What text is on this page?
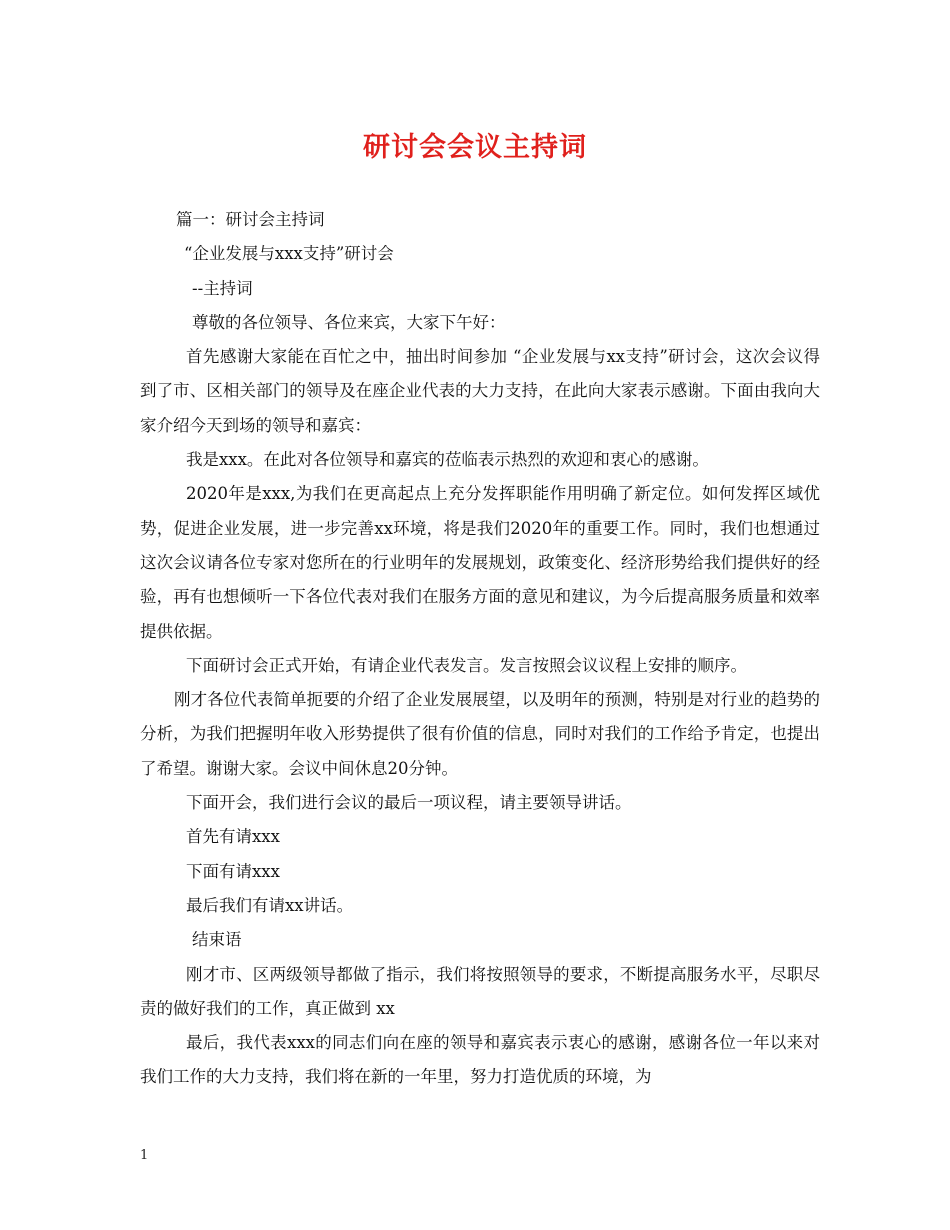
研讨会会议主持词

篇一：研讨会主持词

“企业发展与xxx支持”研讨会

--主持词

尊敬的各位领导、各位来宾，大家下午好：

首先感谢大家能在百忙之中，抽出时间参加 “企业发展与xx支持”研讨会，这次会议得到了市、区相关部门的领导及在座企业代表的大力支持，在此向大家表示感谢。下面由我向大家介绍今天到场的领导和嘉宾：

我是xxx。在此对各位领导和嘉宾的莅临表示热烈的欢迎和衷心的感谢。

2020年是xxx,为我们在更高起点上充分发挥职能作用明确了新定位。如何发挥区域优势，促进企业发展，进一步完善xx环境，将是我们2020年的重要工作。同时，我们也想通过这次会议请各位专家对您所在的行业明年的发展规划，政策变化、经济形势给我们提供好的经验，再有也想倾听一下各位代表对我们在服务方面的意见和建议，为今后提高服务质量和效率提供依据。

下面研讨会正式开始，有请企业代表发言。发言按照会议议程上安排的顺序。

刚才各位代表简单扼要的介绍了企业发展展望，以及明年的预测，特别是对行业的趋势的分析，为我们把握明年收入形势提供了很有价值的信息，同时对我们的工作给予肯定，也提出了希望。谢谢大家。会议中间休息20分钟。

下面开会，我们进行会议的最后一项议程，请主要领导讲话。

首先有请xxx

下面有请xxx

最后我们有请xx讲话。

结束语

刚才市、区两级领导都做了指示，我们将按照领导的要求，不断提高服务水平，尽职尽责的做好我们的工作，真正做到 xx

最后，我代表xxx的同志们向在座的领导和嘉宾表示衷心的感谢，感谢各位一年以来对我们工作的大力支持，我们将在新的一年里，努力打造优质的环境，为

1
